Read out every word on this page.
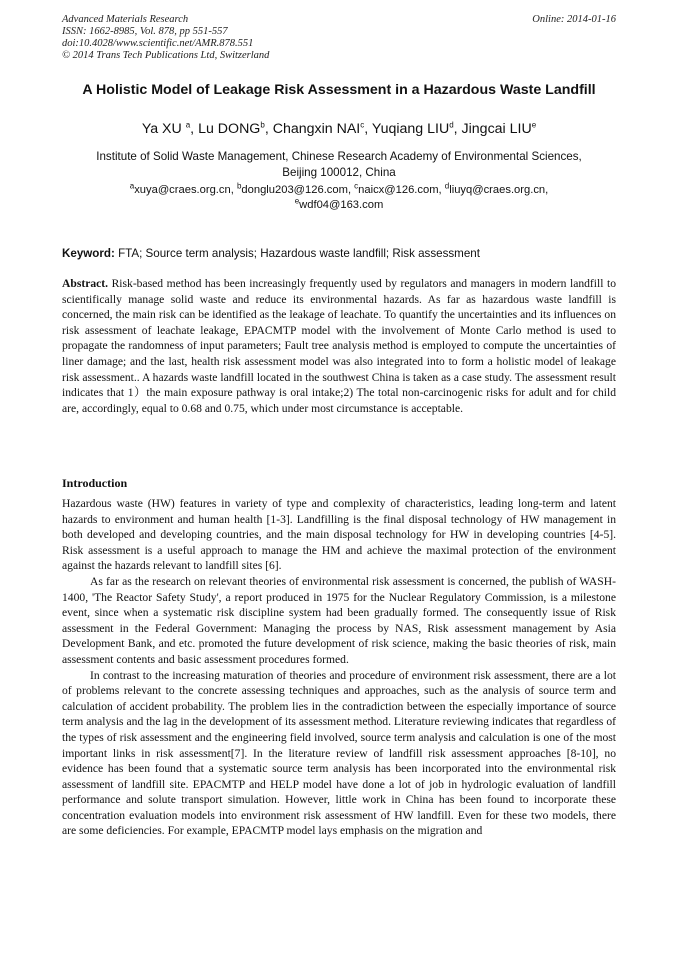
Advanced Materials Research
ISSN: 1662-8985, Vol. 878, pp 551-557
doi:10.4028/www.scientific.net/AMR.878.551
© 2014 Trans Tech Publications Ltd, Switzerland
Online: 2014-01-16
A Holistic Model of Leakage Risk Assessment in a Hazardous Waste Landfill
Ya XU $^a$, Lu DONG$^b$, Changxin NAI$^c$, Yuqiang LIU$^d$, Jingcai LIU$^e$
Institute of Solid Waste Management, Chinese Research Academy of Environmental Sciences,
Beijing 100012, China
$^a$xuya@craes.org.cn, $^b$donglu203@126.com, $^c$naicx@126.com, $^d$liuyq@craes.org.cn,
$^e$wdf04@163.com
Keyword: FTA; Source term analysis; Hazardous waste landfill; Risk assessment
Abstract. Risk-based method has been increasingly frequently used by regulators and managers in modern landfill to scientifically manage solid waste and reduce its environmental hazards. As far as hazardous waste landfill is concerned, the main risk can be identified as the leakage of leachate. To quantify the uncertainties and its influences on risk assessment of leachate leakage, EPACMTP model with the involvement of Monte Carlo method is used to propagate the randomness of input parameters; Fault tree analysis method is employed to compute the uncertainties of liner damage; and the last, health risk assessment model was also integrated into to form a holistic model of leakage risk assessment.. A hazards waste landfill located in the southwest China is taken as a case study. The assessment result indicates that 1）the main exposure pathway is oral intake;2) The total non-carcinogenic risks for adult and for child are, accordingly, equal to 0.68 and 0.75, which under most circumstance is acceptable.
Introduction

Hazardous waste (HW) features in variety of type and complexity of characteristics, leading long-term and latent hazards to environment and human health [1-3]. Landfilling is the final disposal technology of HW management in both developed and developing countries, and the main disposal technology for HW in developing countries [4-5]. Risk assessment is a useful approach to manage the HM and achieve the maximal protection of the environment against the hazards relevant to landfill sites [6].

As far as the research on relevant theories of environmental risk assessment is concerned, the publish of WASH-1400, 'The Reactor Safety Study', a report produced in 1975 for the Nuclear Regulatory Commission, is a milestone event, since when a systematic risk discipline system had been gradually formed. The consequently issue of Risk assessment in the Federal Government: Managing the process by NAS, Risk assessment management by Asia Development Bank, and etc. promoted the future development of risk science, making the basic theories of risk, main assessment contents and basic assessment procedures formed.

In contrast to the increasing maturation of theories and procedure of environment risk assessment, there are a lot of problems relevant to the concrete assessing techniques and approaches, such as the analysis of source term and calculation of accident probability. The problem lies in the contradiction between the especially importance of source term analysis and the lag in the development of its assessment method. Literature reviewing indicates that regardless of the types of risk assessment and the engineering field involved, source term analysis and calculation is one of the most important links in risk assessment[7]. In the literature review of landfill risk assessment approaches [8-10], no evidence has been found that a systematic source term analysis has been incorporated into the environmental risk assessment of landfill site. EPACMTP and HELP model have done a lot of job in hydrologic evaluation of landfill performance and solute transport simulation. However, little work in China has been found to incorporate these concentration evaluation models into environment risk assessment of HW landfill. Even for these two models, there are some deficiencies. For example, EPACMTP model lays emphasis on the migration and
